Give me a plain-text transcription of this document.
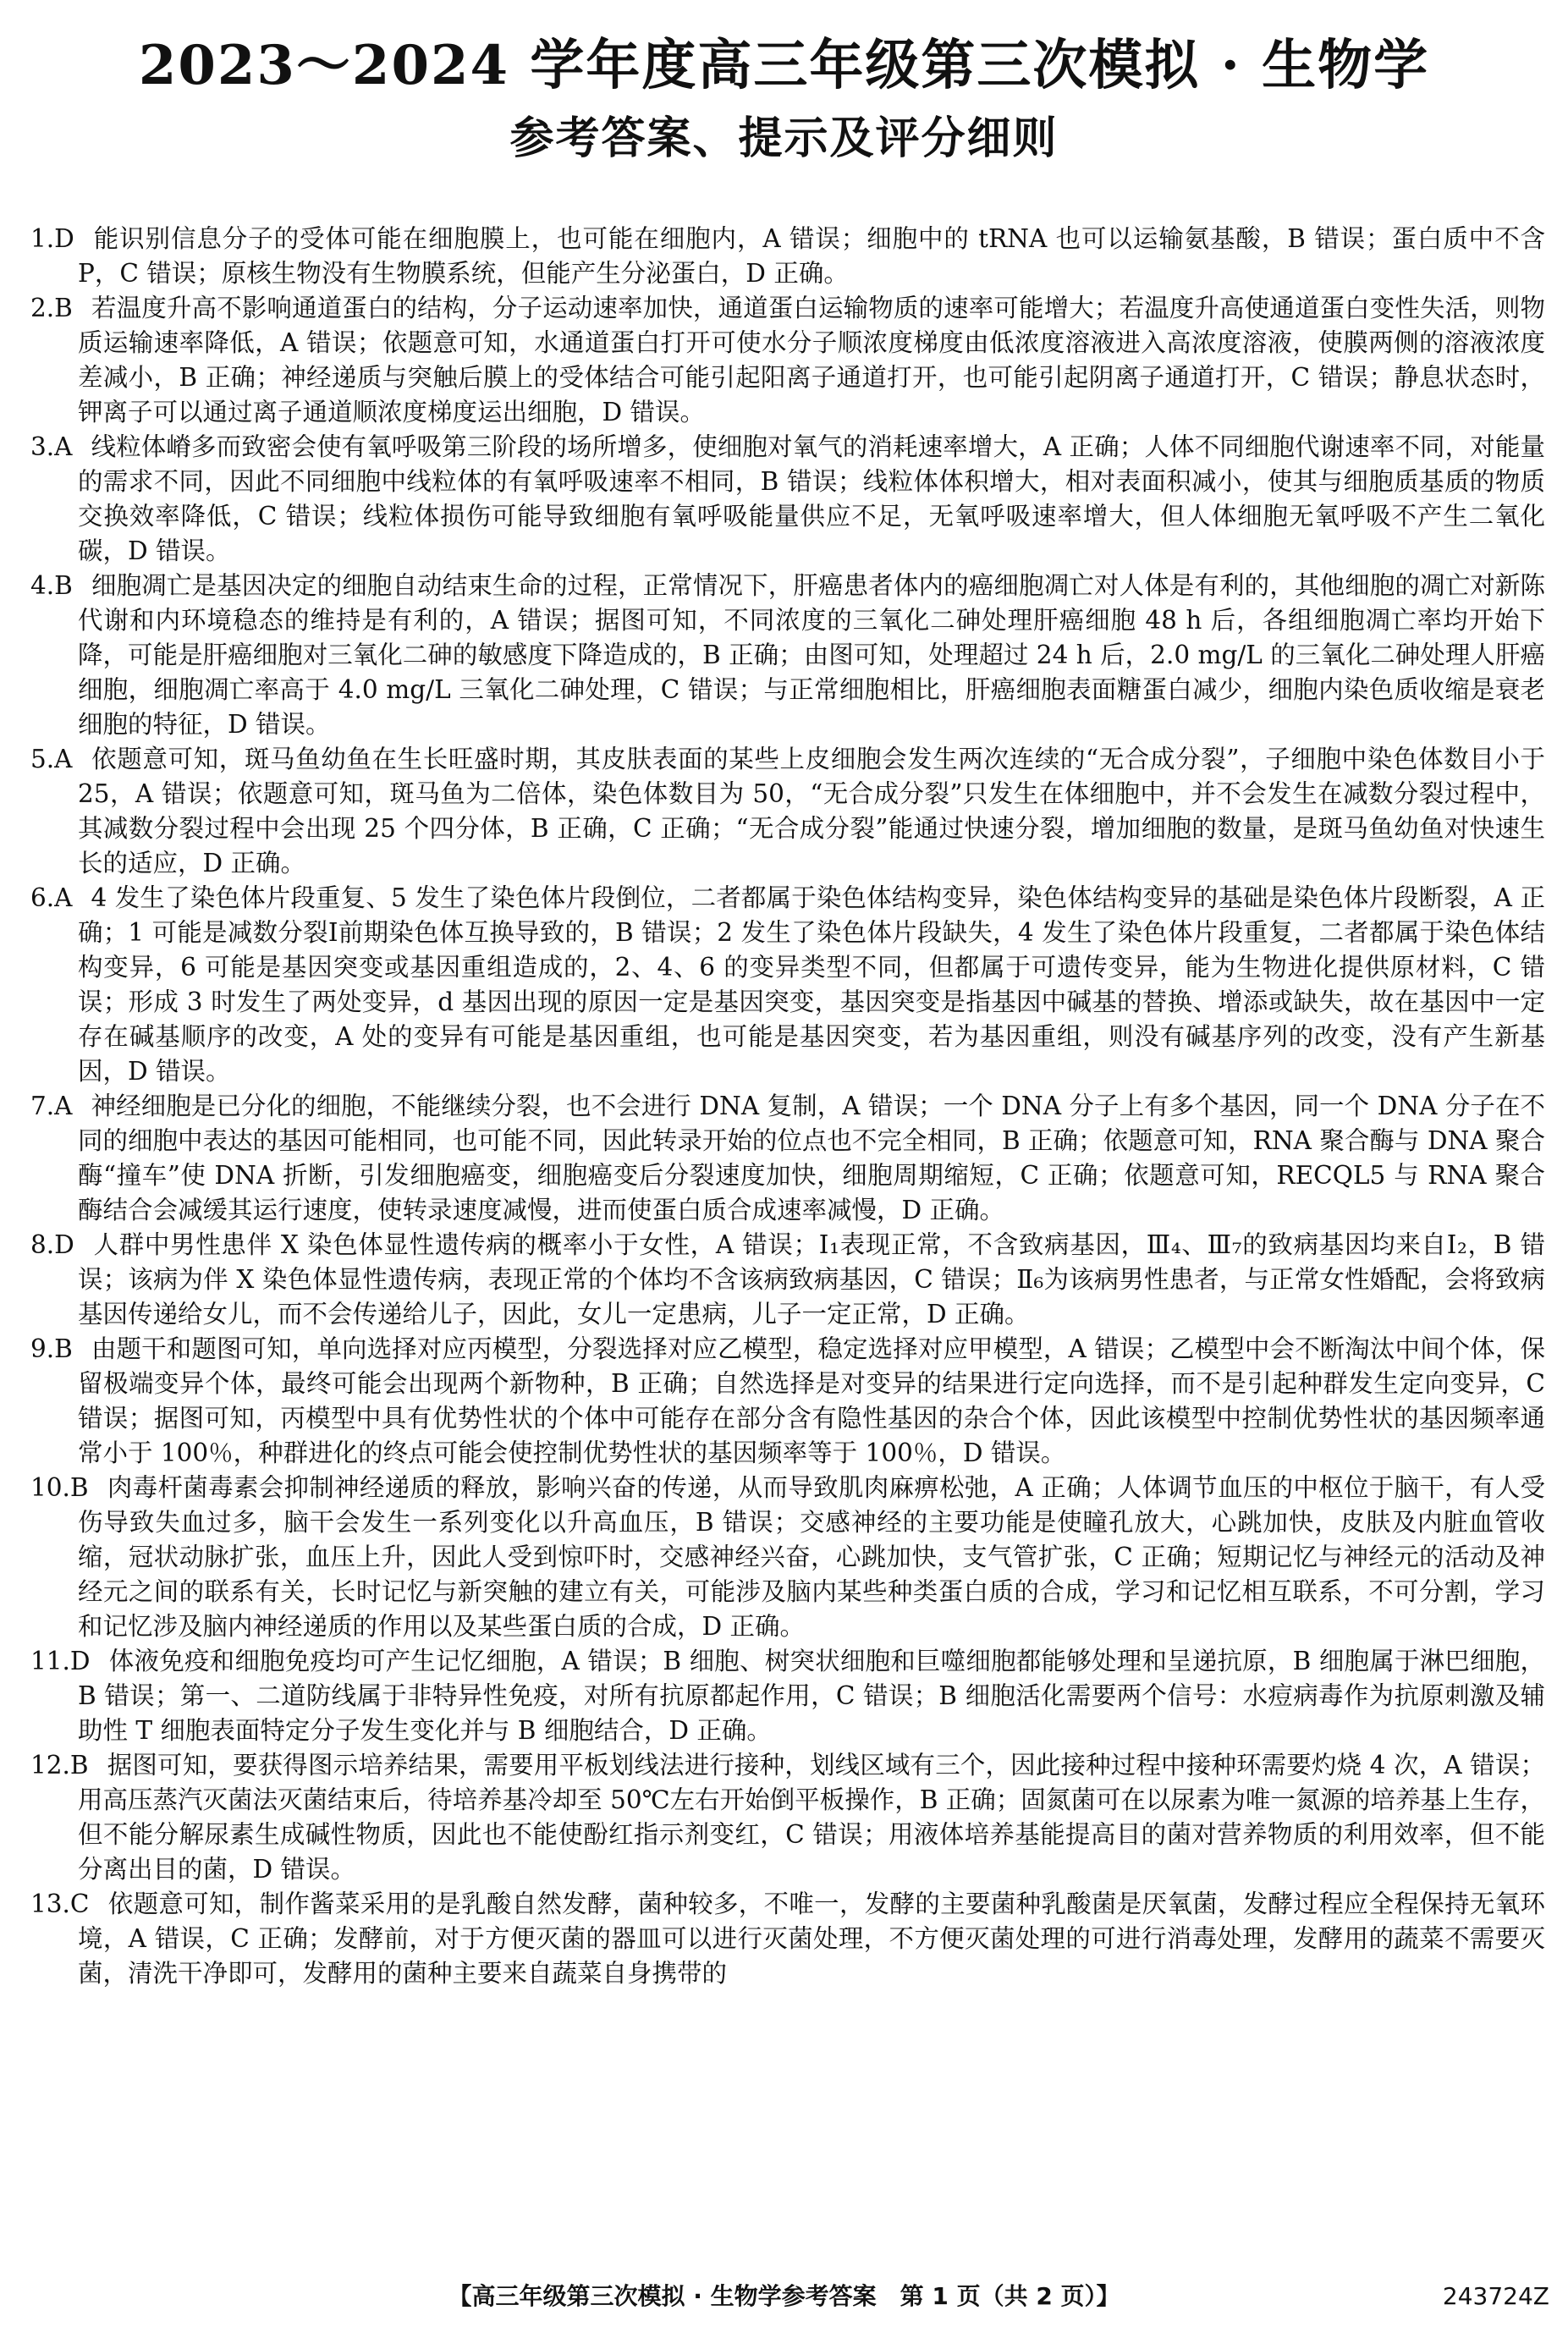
2023～2024 学年度高三年级第三次模拟 · 生物学
参考答案、提示及评分细则

1.D 能识别信息分子的受体可能在细胞膜上，也可能在细胞内，A 错误；细胞中的 tRNA 也可以运输氨基酸，B 错误；蛋白质中不含 P，C 错误；原核生物没有生物膜系统，但能产生分泌蛋白，D 正确。

2.B 若温度升高不影响通道蛋白的结构，分子运动速率加快，通道蛋白运输物质的速率可能增大；若温度升高使通道蛋白变性失活，则物质运输速率降低，A 错误；依题意可知，水通道蛋白打开可使水分子顺浓度梯度由低浓度溶液进入高浓度溶液，使膜两侧的溶液浓度差减小，B 正确；神经递质与突触后膜上的受体结合可能引起阳离子通道打开，也可能引起阴离子通道打开，C 错误；静息状态时，钾离子可以通过离子通道顺浓度梯度运出细胞，D 错误。

3.A 线粒体嵴多而致密会使有氧呼吸第三阶段的场所增多，使细胞对氧气的消耗速率增大，A 正确；人体不同细胞代谢速率不同，对能量的需求不同，因此不同细胞中线粒体的有氧呼吸速率不相同，B 错误；线粒体体积增大，相对表面积减小，使其与细胞质基质的物质交换效率降低，C 错误；线粒体损伤可能导致细胞有氧呼吸能量供应不足，无氧呼吸速率增大，但人体细胞无氧呼吸不产生二氧化碳，D 错误。

4.B 细胞凋亡是基因决定的细胞自动结束生命的过程，正常情况下，肝癌患者体内的癌细胞凋亡对人体是有利的，其他细胞的凋亡对新陈代谢和内环境稳态的维持是有利的，A 错误；据图可知，不同浓度的三氧化二砷处理肝癌细胞 48 h 后，各组细胞凋亡率均开始下降，可能是肝癌细胞对三氧化二砷的敏感度下降造成的，B 正确；由图可知，处理超过 24 h 后，2.0 mg/L 的三氧化二砷处理人肝癌细胞，细胞凋亡率高于 4.0 mg/L 三氧化二砷处理，C 错误；与正常细胞相比，肝癌细胞表面糖蛋白减少，细胞内染色质收缩是衰老细胞的特征，D 错误。

5.A 依题意可知，斑马鱼幼鱼在生长旺盛时期，其皮肤表面的某些上皮细胞会发生两次连续的“无合成分裂”，子细胞中染色体数目小于 25，A 错误；依题意可知，斑马鱼为二倍体，染色体数目为 50，“无合成分裂”只发生在体细胞中，并不会发生在减数分裂过程中，其减数分裂过程中会出现 25 个四分体，B 正确，C 正确；“无合成分裂”能通过快速分裂，增加细胞的数量，是斑马鱼幼鱼对快速生长的适应，D 正确。

6.A 4 发生了染色体片段重复、5 发生了染色体片段倒位，二者都属于染色体结构变异，染色体结构变异的基础是染色体片段断裂，A 正确；1 可能是减数分裂Ⅰ前期染色体互换导致的，B 错误；2 发生了染色体片段缺失，4 发生了染色体片段重复，二者都属于染色体结构变异，6 可能是基因突变或基因重组造成的，2、4、6 的变异类型不同，但都属于可遗传变异，能为生物进化提供原材料，C 错误；形成 3 时发生了两处变异，d 基因出现的原因一定是基因突变，基因突变是指基因中碱基的替换、增添或缺失，故在基因中一定存在碱基顺序的改变，A 处的变异有可能是基因重组，也可能是基因突变，若为基因重组，则没有碱基序列的改变，没有产生新基因，D 错误。

7.A 神经细胞是已分化的细胞，不能继续分裂，也不会进行 DNA 复制，A 错误；一个 DNA 分子上有多个基因，同一个 DNA 分子在不同的细胞中表达的基因可能相同，也可能不同，因此转录开始的位点也不完全相同，B 正确；依题意可知，RNA 聚合酶与 DNA 聚合酶“撞车”使 DNA 折断，引发细胞癌变，细胞癌变后分裂速度加快，细胞周期缩短，C 正确；依题意可知，RECQL5 与 RNA 聚合酶结合会减缓其运行速度，使转录速度减慢，进而使蛋白质合成速率减慢，D 正确。

8.D 人群中男性患伴 X 染色体显性遗传病的概率小于女性，A 错误；Ⅰ₁表现正常，不含致病基因，Ⅲ₄、Ⅲ₇的致病基因均来自Ⅰ₂，B 错误；该病为伴 X 染色体显性遗传病，表现正常的个体均不含该病致病基因，C 错误；Ⅱ₆为该病男性患者，与正常女性婚配，会将致病基因传递给女儿，而不会传递给儿子，因此，女儿一定患病，儿子一定正常，D 正确。

9.B 由题干和题图可知，单向选择对应丙模型，分裂选择对应乙模型，稳定选择对应甲模型，A 错误；乙模型中会不断淘汰中间个体，保留极端变异个体，最终可能会出现两个新物种，B 正确；自然选择是对变异的结果进行定向选择，而不是引起种群发生定向变异，C 错误；据图可知，丙模型中具有优势性状的个体中可能存在部分含有隐性基因的杂合个体，因此该模型中控制优势性状的基因频率通常小于 100％，种群进化的终点可能会使控制优势性状的基因频率等于 100％，D 错误。

10.B 肉毒杆菌毒素会抑制神经递质的释放，影响兴奋的传递，从而导致肌肉麻痹松弛，A 正确；人体调节血压的中枢位于脑干，有人受伤导致失血过多，脑干会发生一系列变化以升高血压，B 错误；交感神经的主要功能是使瞳孔放大，心跳加快，皮肤及内脏血管收缩，冠状动脉扩张，血压上升，因此人受到惊吓时，交感神经兴奋，心跳加快，支气管扩张，C 正确；短期记忆与神经元的活动及神经元之间的联系有关，长时记忆与新突触的建立有关，可能涉及脑内某些种类蛋白质的合成，学习和记忆相互联系，不可分割，学习和记忆涉及脑内神经递质的作用以及某些蛋白质的合成，D 正确。

11.D 体液免疫和细胞免疫均可产生记忆细胞，A 错误；B 细胞、树突状细胞和巨噬细胞都能够处理和呈递抗原，B 细胞属于淋巴细胞，B 错误；第一、二道防线属于非特异性免疫，对所有抗原都起作用，C 错误；B 细胞活化需要两个信号：水痘病毒作为抗原刺激及辅助性 T 细胞表面特定分子发生变化并与 B 细胞结合，D 正确。

12.B 据图可知，要获得图示培养结果，需要用平板划线法进行接种，划线区域有三个，因此接种过程中接种环需要灼烧 4 次，A 错误；用高压蒸汽灭菌法灭菌结束后，待培养基冷却至 50℃左右开始倒平板操作，B 正确；固氮菌可在以尿素为唯一氮源的培养基上生存，但不能分解尿素生成碱性物质，因此也不能使酚红指示剂变红，C 错误；用液体培养基能提高目的菌对营养物质的利用效率，但不能分离出目的菌，D 错误。

13.C 依题意可知，制作酱菜采用的是乳酸自然发酵，菌种较多，不唯一，发酵的主要菌种乳酸菌是厌氧菌，发酵过程应全程保持无氧环境，A 错误，C 正确；发酵前，对于方便灭菌的器皿可以进行灭菌处理，不方便灭菌处理的可进行消毒处理，发酵用的蔬菜不需要灭菌，清洗干净即可，发酵用的菌种主要来自蔬菜自身携带的

【高三年级第三次模拟 · 生物学参考答案　第 1 页（共 2 页）】	243724Z
